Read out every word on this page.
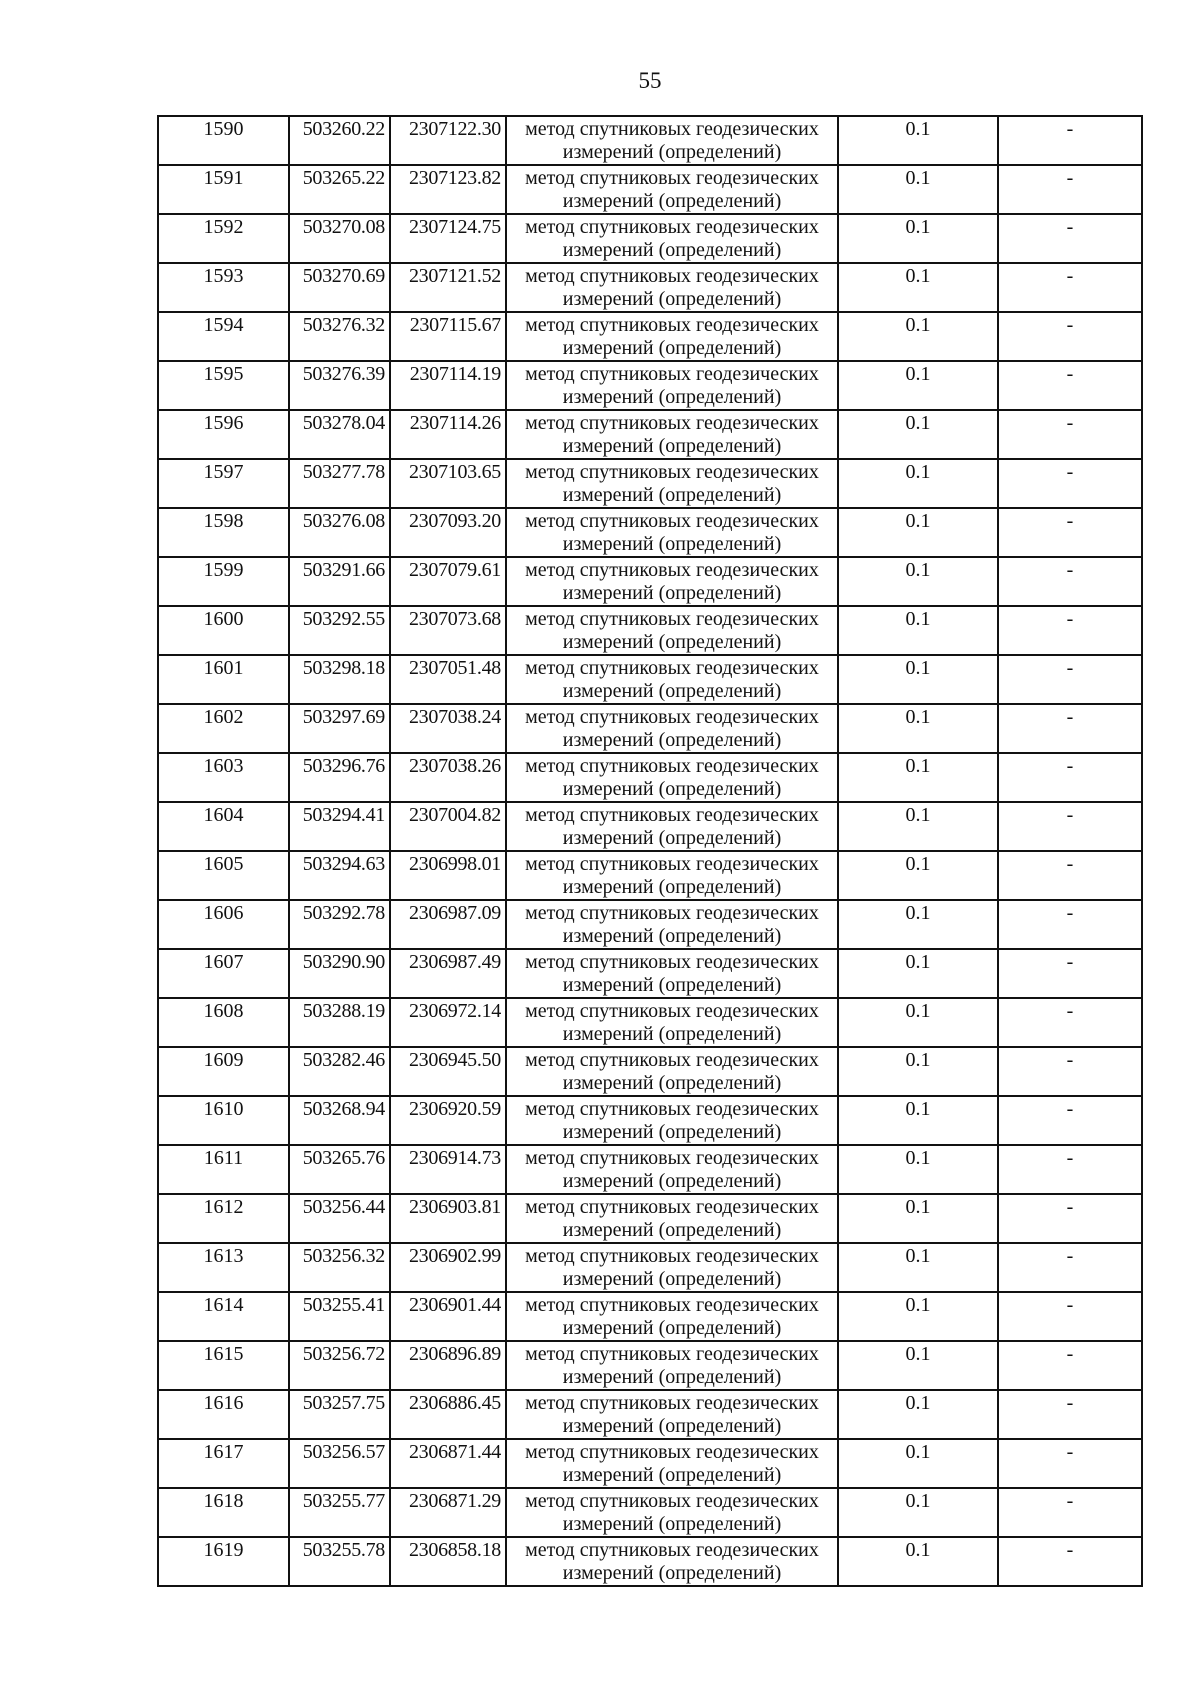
55
1590	503260.22	2307122.30	метод спутниковых геодезических измерений (определений)	0.1	-
1591	503265.22	2307123.82	метод спутниковых геодезических измерений (определений)	0.1	-
1592	503270.08	2307124.75	метод спутниковых геодезических измерений (определений)	0.1	-
1593	503270.69	2307121.52	метод спутниковых геодезических измерений (определений)	0.1	-
1594	503276.32	2307115.67	метод спутниковых геодезических измерений (определений)	0.1	-
1595	503276.39	2307114.19	метод спутниковых геодезических измерений (определений)	0.1	-
1596	503278.04	2307114.26	метод спутниковых геодезических измерений (определений)	0.1	-
1597	503277.78	2307103.65	метод спутниковых геодезических измерений (определений)	0.1	-
1598	503276.08	2307093.20	метод спутниковых геодезических измерений (определений)	0.1	-
1599	503291.66	2307079.61	метод спутниковых геодезических измерений (определений)	0.1	-
1600	503292.55	2307073.68	метод спутниковых геодезических измерений (определений)	0.1	-
1601	503298.18	2307051.48	метод спутниковых геодезических измерений (определений)	0.1	-
1602	503297.69	2307038.24	метод спутниковых геодезических измерений (определений)	0.1	-
1603	503296.76	2307038.26	метод спутниковых геодезических измерений (определений)	0.1	-
1604	503294.41	2307004.82	метод спутниковых геодезических измерений (определений)	0.1	-
1605	503294.63	2306998.01	метод спутниковых геодезических измерений (определений)	0.1	-
1606	503292.78	2306987.09	метод спутниковых геодезических измерений (определений)	0.1	-
1607	503290.90	2306987.49	метод спутниковых геодезических измерений (определений)	0.1	-
1608	503288.19	2306972.14	метод спутниковых геодезических измерений (определений)	0.1	-
1609	503282.46	2306945.50	метод спутниковых геодезических измерений (определений)	0.1	-
1610	503268.94	2306920.59	метод спутниковых геодезических измерений (определений)	0.1	-
1611	503265.76	2306914.73	метод спутниковых геодезических измерений (определений)	0.1	-
1612	503256.44	2306903.81	метод спутниковых геодезических измерений (определений)	0.1	-
1613	503256.32	2306902.99	метод спутниковых геодезических измерений (определений)	0.1	-
1614	503255.41	2306901.44	метод спутниковых геодезических измерений (определений)	0.1	-
1615	503256.72	2306896.89	метод спутниковых геодезических измерений (определений)	0.1	-
1616	503257.75	2306886.45	метод спутниковых геодезических измерений (определений)	0.1	-
1617	503256.57	2306871.44	метод спутниковых геодезических измерений (определений)	0.1	-
1618	503255.77	2306871.29	метод спутниковых геодезических измерений (определений)	0.1	-
1619	503255.78	2306858.18	метод спутниковых геодезических измерений (определений)	0.1	-
